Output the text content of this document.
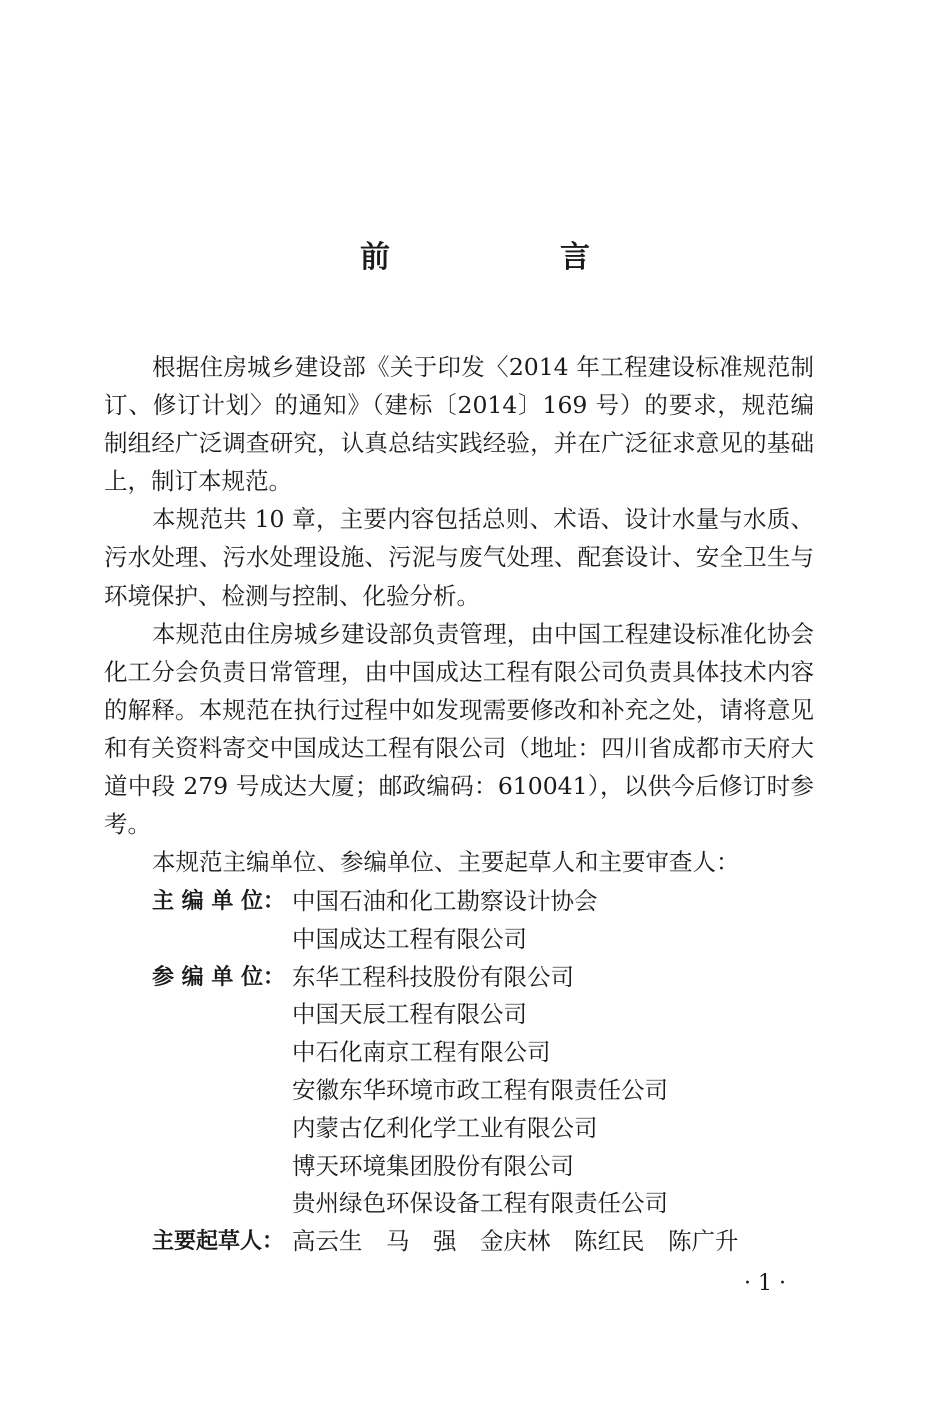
前　言

根据住房城乡建设部《关于印发〈2014 年工程建设标准规范制订、修订计划〉的通知》（建标〔2014〕169 号）的要求，规范编制组经广泛调查研究，认真总结实践经验，并在广泛征求意见的基础上，制订本规范。

本规范共 10 章，主要内容包括总则、术语、设计水量与水质、污水处理、污水处理设施、污泥与废气处理、配套设计、安全卫生与环境保护、检测与控制、化验分析。

本规范由住房城乡建设部负责管理，由中国工程建设标准化协会化工分会负责日常管理，由中国成达工程有限公司负责具体技术内容的解释。本规范在执行过程中如发现需要修改和补充之处，请将意见和有关资料寄交中国成达工程有限公司（地址：四川省成都市天府大道中段 279 号成达大厦；邮政编码：610041），以供今后修订时参考。

本规范主编单位、参编单位、主要起草人和主要审查人：

主 编 单 位： 中国石油和化工勘察设计协会
中国成达工程有限公司
参 编 单 位： 东华工程科技股份有限公司
中国天辰工程有限公司
中石化南京工程有限公司
安徽东华环境市政工程有限责任公司
内蒙古亿利化学工业有限公司
博天环境集团股份有限公司
贵州绿色环保设备工程有限责任公司
主要起草人： 高云生　马　强　金庆林　陈红民　陈广升
· 1 ·
